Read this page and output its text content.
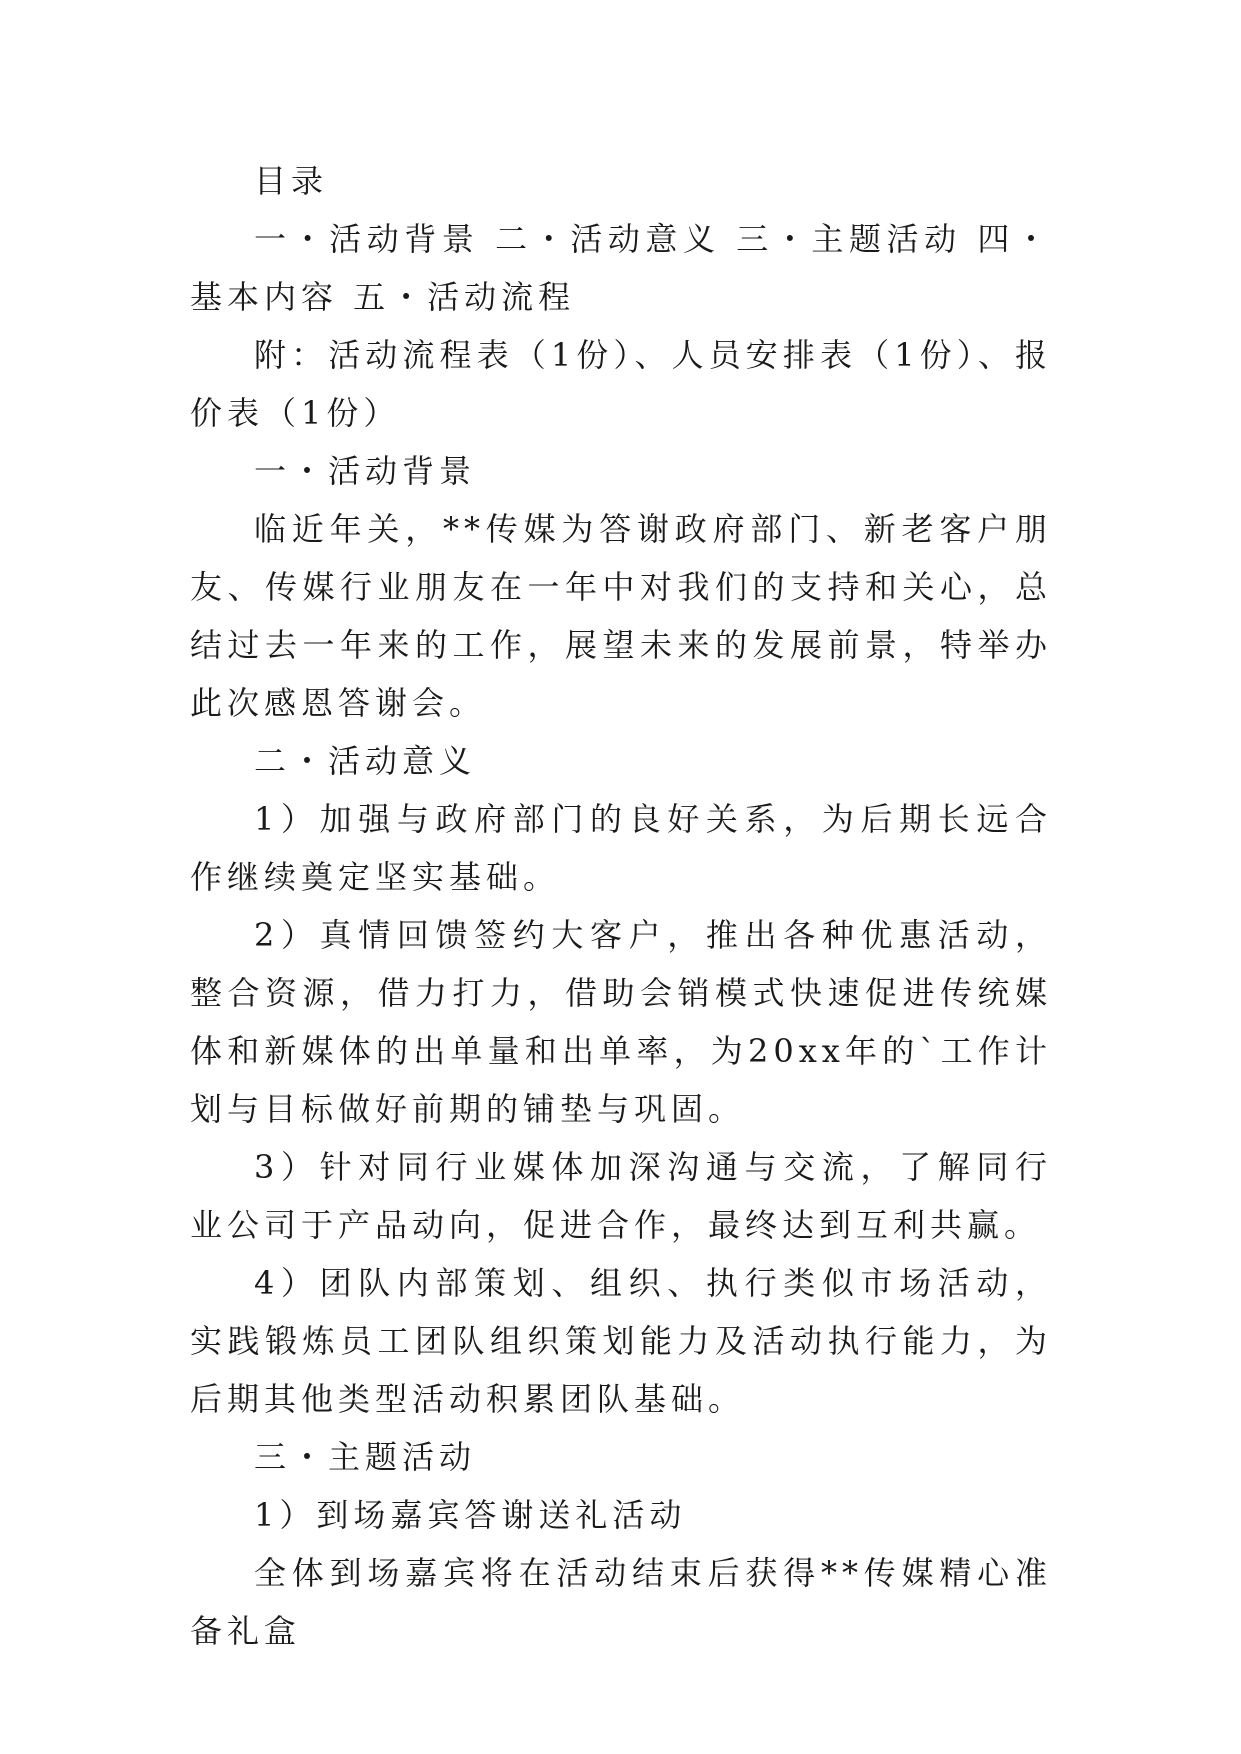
目录

一・活动背景 二・活动意义 三・主题活动 四・基本内容 五・活动流程

附：活动流程表（1份）、人员安排表（1份）、报价表（1份）

一・活动背景

临近年关，**传媒为答谢政府部门、新老客户朋友、传媒行业朋友在一年中对我们的支持和关心，总结过去一年来的工作，展望未来的发展前景，特举办此次感恩答谢会。

二・活动意义

1）加强与政府部门的良好关系，为后期长远合作继续奠定坚实基础。

2）真情回馈签约大客户，推出各种优惠活动，整合资源，借力打力，借助会销模式快速促进传统媒体和新媒体的出单量和出单率，为20xx年的`工作计划与目标做好前期的铺垫与巩固。

3）针对同行业媒体加深沟通与交流，了解同行业公司于产品动向，促进合作，最终达到互利共赢。

4）团队内部策划、组织、执行类似市场活动，实践锻炼员工团队组织策划能力及活动执行能力，为后期其他类型活动积累团队基础。

三・主题活动

1）到场嘉宾答谢送礼活动

全体到场嘉宾将在活动结束后获得**传媒精心准备礼盒
